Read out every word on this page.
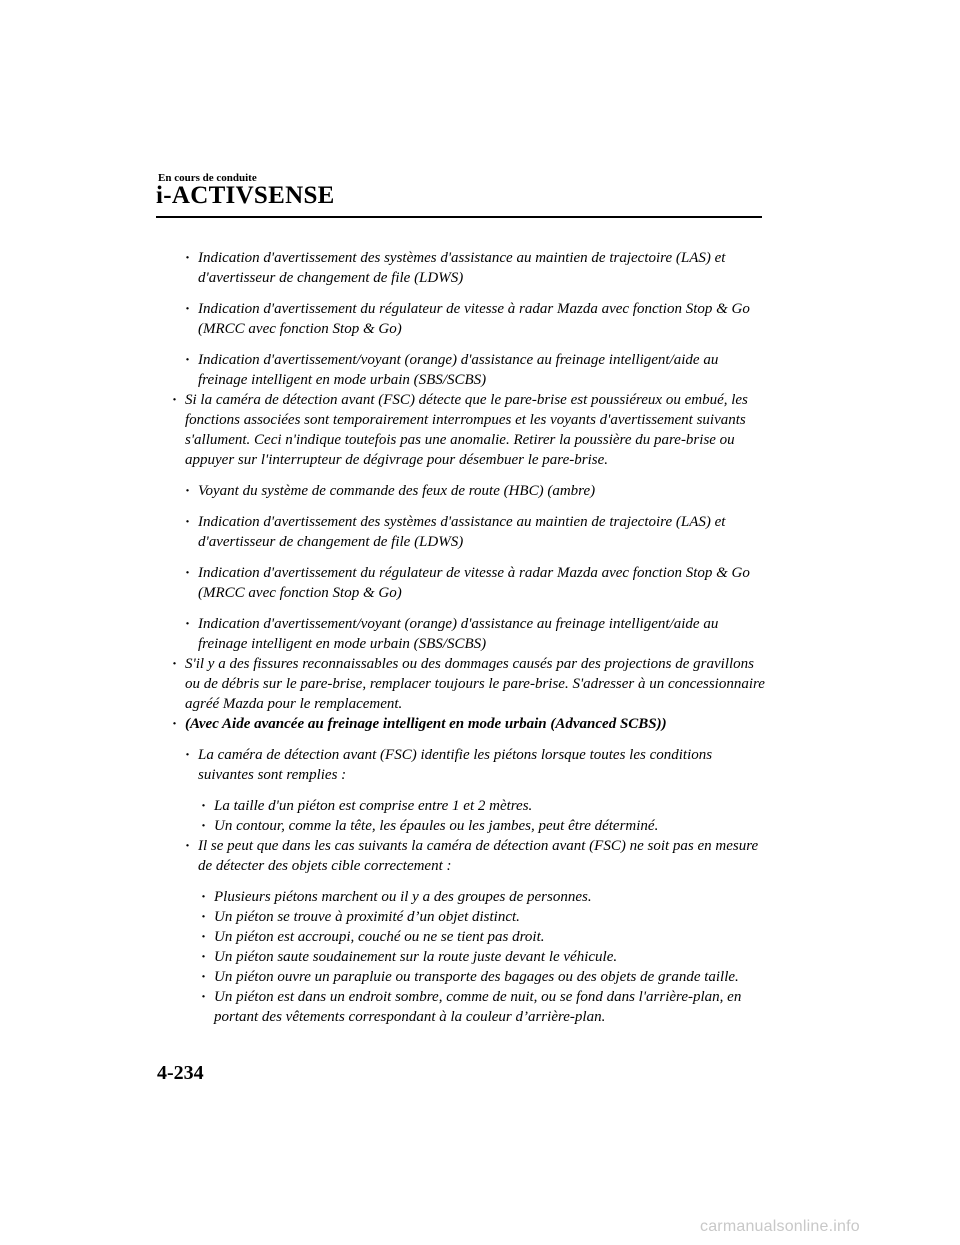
En cours de conduite
i-ACTIVSENSE
· Indication d'avertissement des systèmes d'assistance au maintien de trajectoire (LAS) et d'avertisseur de changement de file (LDWS)
· Indication d'avertissement du régulateur de vitesse à radar Mazda avec fonction Stop & Go (MRCC avec fonction Stop & Go)
· Indication d'avertissement/voyant (orange) d'assistance au freinage intelligent/aide au freinage intelligent en mode urbain (SBS/SCBS)
· Si la caméra de détection avant (FSC) détecte que le pare-brise est poussiéreux ou embué, les fonctions associées sont temporairement interrompues et les voyants d'avertissement suivants s'allument. Ceci n'indique toutefois pas une anomalie. Retirer la poussière du pare-brise ou appuyer sur l'interrupteur de dégivrage pour désembuer le pare-brise.
· Voyant du système de commande des feux de route (HBC) (ambre)
· Indication d'avertissement des systèmes d'assistance au maintien de trajectoire (LAS) et d'avertisseur de changement de file (LDWS)
· Indication d'avertissement du régulateur de vitesse à radar Mazda avec fonction Stop & Go (MRCC avec fonction Stop & Go)
· Indication d'avertissement/voyant (orange) d'assistance au freinage intelligent/aide au freinage intelligent en mode urbain (SBS/SCBS)
· S'il y a des fissures reconnaissables ou des dommages causés par des projections de gravillons ou de débris sur le pare-brise, remplacer toujours le pare-brise. S'adresser à un concessionnaire agréé Mazda pour le remplacement.
· (Avec Aide avancée au freinage intelligent en mode urbain (Advanced SCBS))
· La caméra de détection avant (FSC) identifie les piétons lorsque toutes les conditions suivantes sont remplies :
· La taille d'un piéton est comprise entre 1 et 2 mètres.
· Un contour, comme la tête, les épaules ou les jambes, peut être déterminé.
· Il se peut que dans les cas suivants la caméra de détection avant (FSC) ne soit pas en mesure de détecter des objets cible correctement :
· Plusieurs piétons marchent ou il y a des groupes de personnes.
· Un piéton se trouve à proximité d’un objet distinct.
· Un piéton est accroupi, couché ou ne se tient pas droit.
· Un piéton saute soudainement sur la route juste devant le véhicule.
· Un piéton ouvre un parapluie ou transporte des bagages ou des objets de grande taille.
· Un piéton est dans un endroit sombre, comme de nuit, ou se fond dans l'arrière-plan, en portant des vêtements correspondant à la couleur d’arrière-plan.
4-234
carmanualsonline.info
